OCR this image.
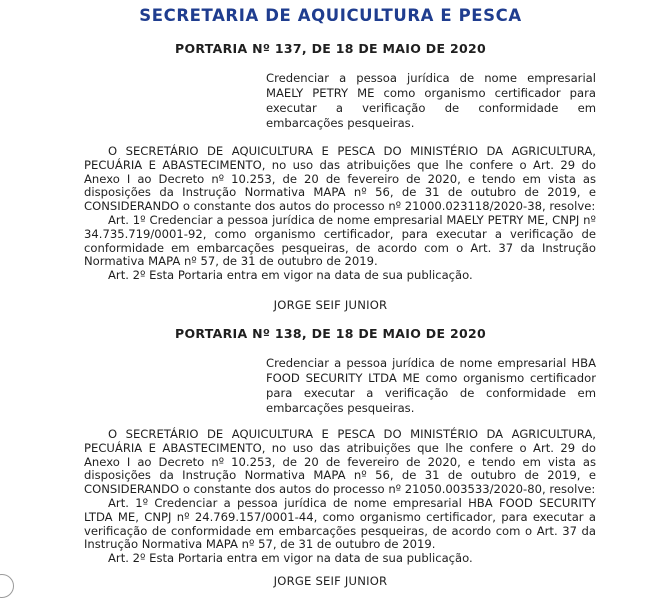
SECRETARIA DE AQUICULTURA E PESCA
PORTARIA Nº 137, DE 18 DE MAIO DE 2020
Credenciar a pessoa jurídica de nome empresarial MAELY PETRY ME como organismo certificador para executar a verificação de conformidade em embarcações pesqueiras.

O SECRETÁRIO DE AQUICULTURA E PESCA DO MINISTÉRIO DA AGRICULTURA, PECUÁRIA E ABASTECIMENTO, no uso das atribuições que lhe confere o Art. 29 do Anexo I ao Decreto nº 10.253, de 20 de fevereiro de 2020, e tendo em vista as disposições da Instrução Normativa MAPA nº 56, de 31 de outubro de 2019, e CONSIDERANDO o constante dos autos do processo nº 21000.023118/2020-38, resolve:

Art. 1º Credenciar a pessoa jurídica de nome empresarial MAELY PETRY ME, CNPJ nº 34.735.719/0001-92, como organismo certificador, para executar a verificação de conformidade em embarcações pesqueiras, de acordo com o Art. 37 da Instrução Normativa MAPA nº 57, de 31 de outubro de 2019.

Art. 2º Esta Portaria entra em vigor na data de sua publicação.

JORGE SEIF JUNIOR
PORTARIA Nº 138, DE 18 DE MAIO DE 2020
Credenciar a pessoa jurídica de nome empresarial HBA FOOD SECURITY LTDA ME como organismo certificador para executar a verificação de conformidade em embarcações pesqueiras.

O SECRETÁRIO DE AQUICULTURA E PESCA DO MINISTÉRIO DA AGRICULTURA, PECUÁRIA E ABASTECIMENTO, no uso das atribuições que lhe confere o Art. 29 do Anexo I ao Decreto nº 10.253, de 20 de fevereiro de 2020, e tendo em vista as disposições da Instrução Normativa MAPA nº 56, de 31 de outubro de 2019, e CONSIDERANDO o constante dos autos do processo nº 21050.003533/2020-80, resolve:

Art. 1º Credenciar a pessoa jurídica de nome empresarial HBA FOOD SECURITY LTDA ME, CNPJ nº 24.769.157/0001-44, como organismo certificador, para executar a verificação de conformidade em embarcações pesqueiras, de acordo com o Art. 37 da Instrução Normativa MAPA nº 57, de 31 de outubro de 2019.

Art. 2º Esta Portaria entra em vigor na data de sua publicação.

JORGE SEIF JUNIOR
